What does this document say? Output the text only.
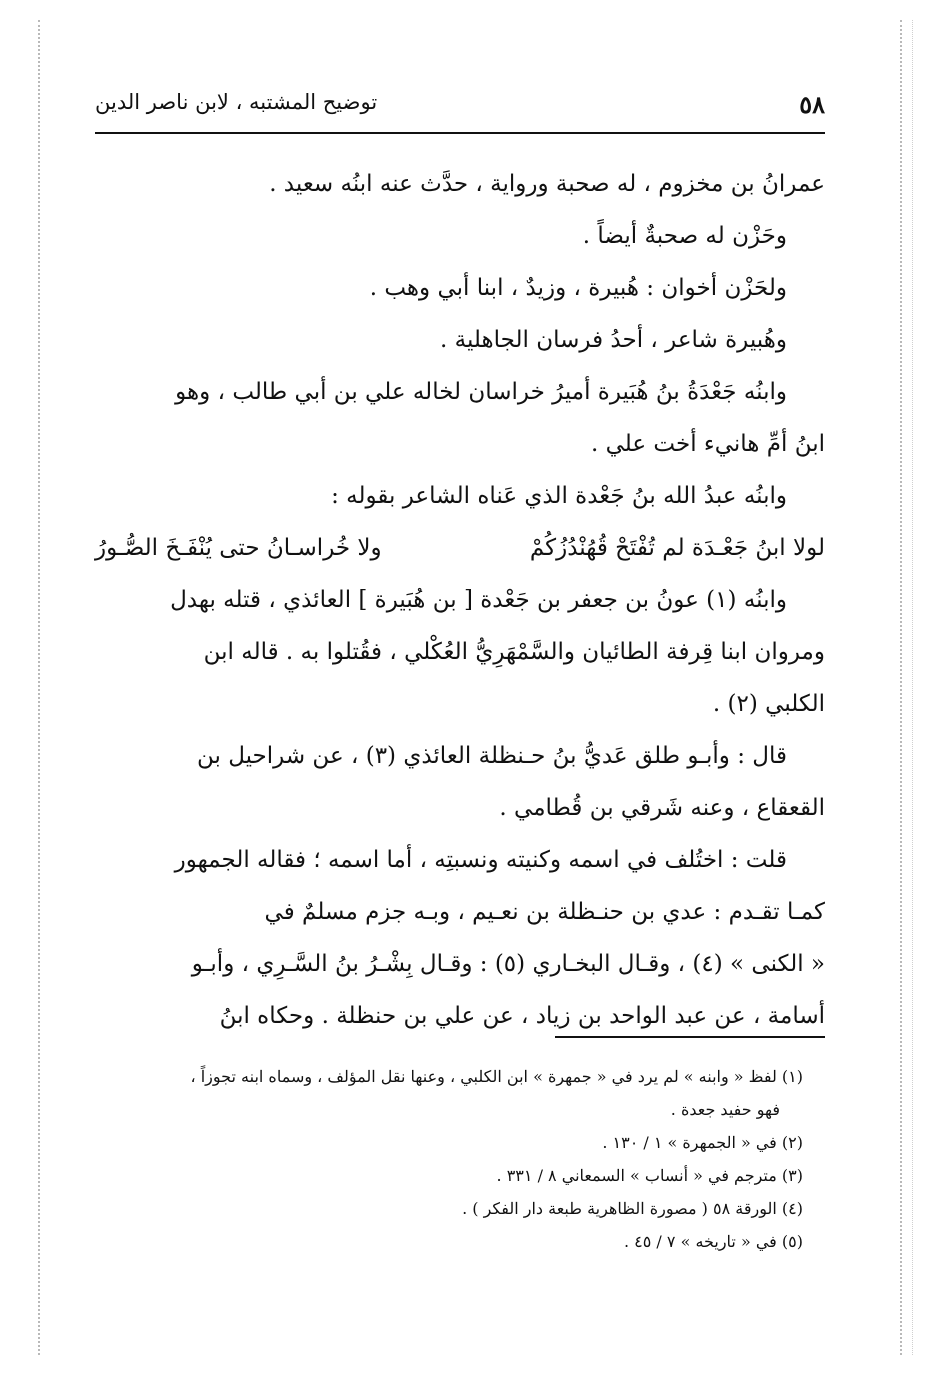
٥٨
توضيح المشتبه ، لابن ناصر الدين

عمرانُ بن مخزوم ، له صحبة ورواية ، حدَّث عنه ابنُه سعيد .

وحَزْن له صحبةٌ أيضاً .

ولحَزْن أخوان : هُبيرة ، وزيدٌ ، ابنا أبي وهب .

وهُبيرة شاعر ، أحدُ فرسان الجاهلية .

وابنُه جَعْدَةُ بنُ هُبَيرة أميرُ خراسان لخاله علي بن أبي طالب ، وهو

ابنُ أمِّ هانيء أخت علي .

وابنُه عبدُ الله بنُ جَعْدة الذي عَناه الشاعر بقوله :

لولا ابنُ جَعْـدَة لم تُفْتَحْ قُهُنْدُزُكُمْ
ولا خُراسـانُ حتى يُنْفَـخَ الصُّـورُ

وابنُه (١) عونُ بن جعفر بن جَعْدة [ بن هُبَيرة ] العائذي ، قتله بهدل

ومروان ابنا قِرفة الطائيان والسَّمْهَرِيُّ العُكْلي ، فقُتلوا به . قاله ابن

الكلبي (٢) .

قال : وأبـو طلق عَديُّ بنُ حـنظلة العائذي (٣) ، عن شراحيل بن

القعقاع ، وعنه شَرقي بن قُطامي .

قلت : اختُلف في اسمه وكنيته ونسبتِه ، أما اسمه ؛ فقاله الجمهور

كمـا تقـدم : عدي بن حنـظلة بن نعـيم ، وبـه جزم مسلمٌ في

« الكنى » (٤) ، وقـال البخـاري (٥) : وقـال بِشْـرُ بنُ السَّـرِي ، وأبـو

أسامة ، عن عبد الواحد بن زياد ، عن علي بن حنظلة . وحكاه ابنُ

(١) لفظ « وابنه » لم يرد في « جمهرة » ابن الكلبي ، وعنها نقل المؤلف ، وسماه ابنه تجوزاً ،

فهو حفيد جعدة .

(٢) في « الجمهرة » ١ / ١٣٠ .

(٣) مترجم في « أنساب » السمعاني ٨ / ٣٣١ .

(٤) الورقة ٥٨ ( مصورة الظاهرية طبعة دار الفكر ) .

(٥) في « تاريخه » ٧ / ٤٥ .
